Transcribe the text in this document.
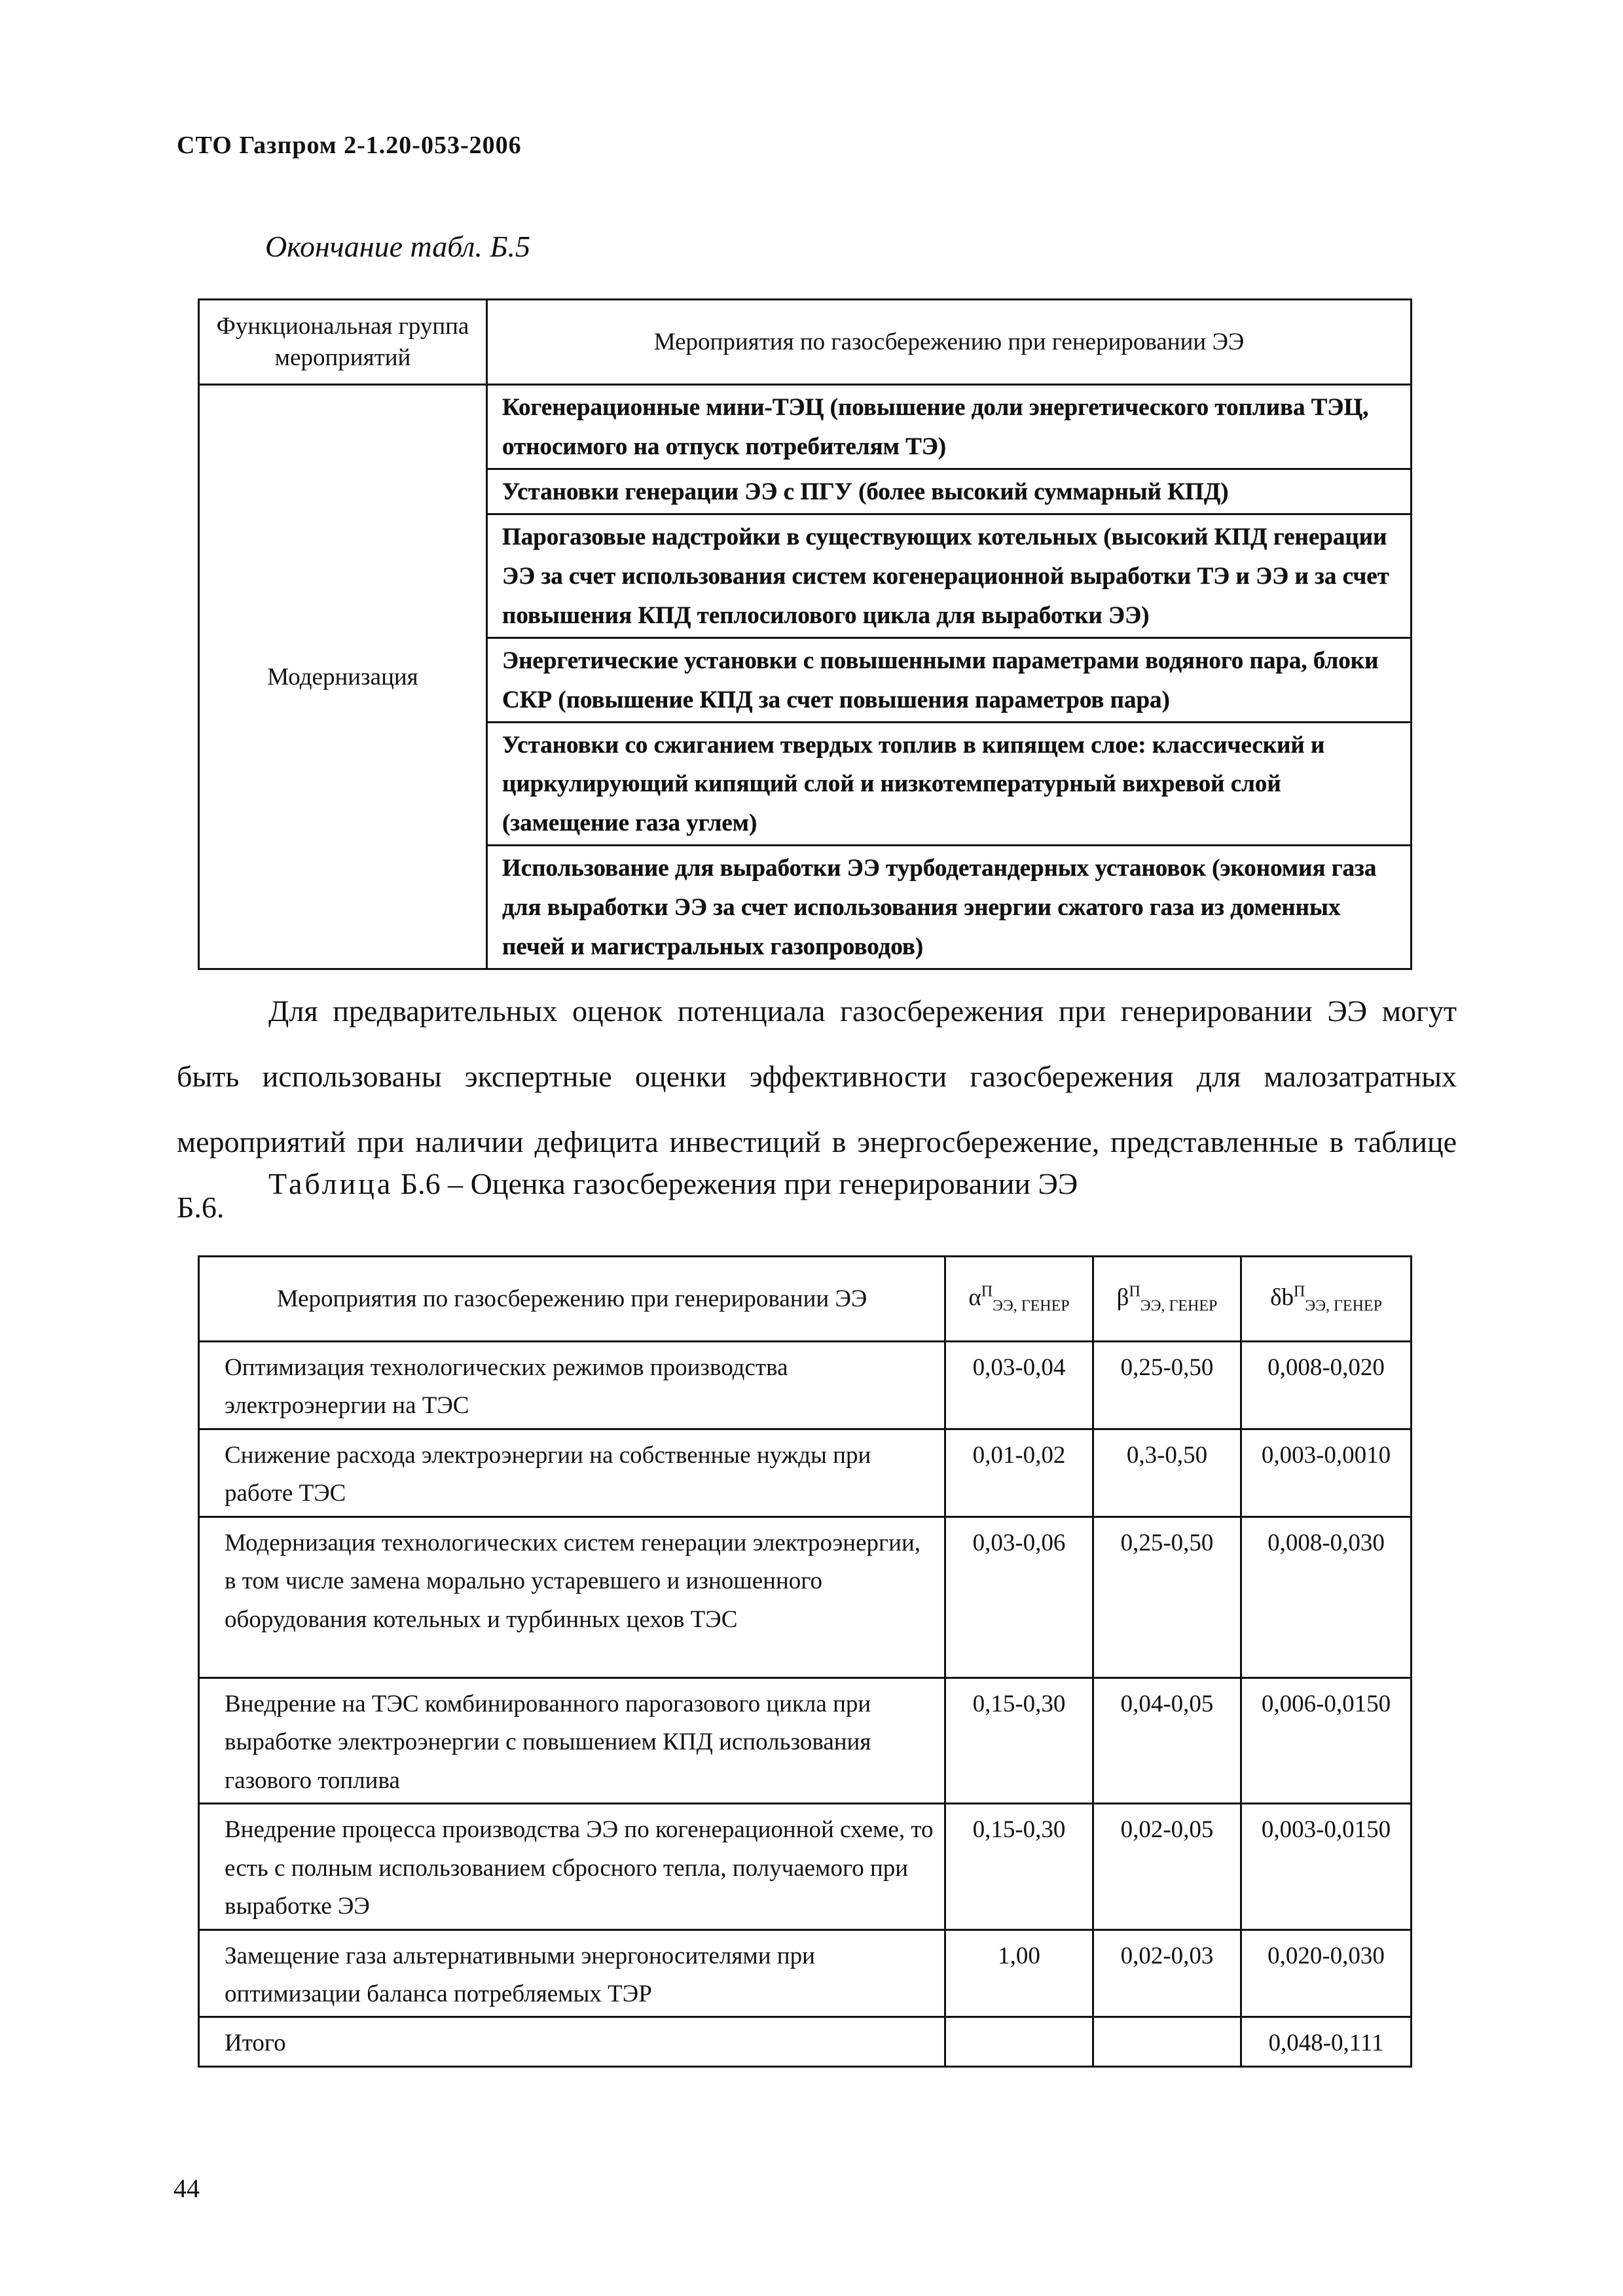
СТО Газпром 2-1.20-053-2006
Окончание табл. Б.5
Функциональная группа мероприятий	Мероприятия по газосбережению при генерировании ЭЭ
Модернизация	Когенерационные мини-ТЭЦ (повышение доли энергетического топлива ТЭЦ, относимого на отпуск потребителям ТЭ)
	Установки генерации ЭЭ с ПГУ (более высокий суммарный КПД)
	Парогазовые надстройки в существующих котельных (высокий КПД генерации ЭЭ за счет использования систем когенерационной выработки ТЭ и ЭЭ и за счет повышения КПД теплосилового цикла для выработки ЭЭ)
	Энергетические установки с повышенными параметрами водяного пара, блоки СКР (повышение КПД за счет повышения параметров пара)
	Установки со сжиганием твердых топлив в кипящем слое: классический и циркулирующий кипящий слой и низкотемпературный вихревой слой (замещение газа углем)
	Использование для выработки ЭЭ турбодетандерных установок (экономия газа для выработки ЭЭ за счет использования энергии сжатого газа из доменных печей и магистральных газопроводов)
Для предварительных оценок потенциала газосбережения при генерировании ЭЭ могут быть использованы экспертные оценки эффективности газосбережения для малозатратных мероприятий при наличии дефицита инвестиций в энергосбережение, представленные в таблице Б.6.
Таблица Б.6 – Оценка газосбережения при генерировании ЭЭ
Мероприятия по газосбережению при генерировании ЭЭ	$\alpha^П_{ЭЭ, ГЕНЕР}$	$\beta^П_{ЭЭ, ГЕНЕР}$	$\delta b^П_{ЭЭ, ГЕНЕР}$
Оптимизация технологических режимов производства электроэнергии на ТЭС	0,03-0,04	0,25-0,50	0,008-0,020
Снижение расхода электроэнергии на собственные нужды при работе ТЭС	0,01-0,02	0,3-0,50	0,003-0,0010
Модернизация технологических систем генерации электроэнергии, в том числе замена морально устаревшего и изношенного оборудования котельных и турбинных цехов ТЭС	0,03-0,06	0,25-0,50	0,008-0,030
Внедрение на ТЭС комбинированного парогазового цикла при выработке электроэнергии с повышением КПД использования газового топлива	0,15-0,30	0,04-0,05	0,006-0,0150
Внедрение процесса производства ЭЭ по когенерационной схеме, то есть с полным использованием сбросного тепла, получаемого при выработке ЭЭ	0,15-0,30	0,02-0,05	0,003-0,0150
Замещение газа альтернативными энергоносителями при оптимизации баланса потребляемых ТЭР	1,00	0,02-0,03	0,020-0,030
Итого			0,048-0,111
44
